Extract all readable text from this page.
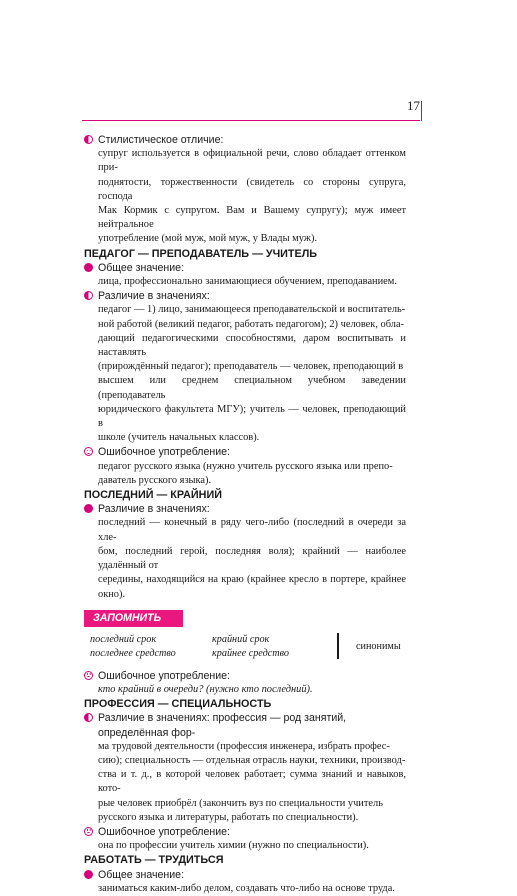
17

Стилистическое отличие:

супруг используется в официальной речи, слово обладает оттенком при-

поднятости, торжественности (свидетель со стороны супруга, господа

Мак Кормик с супругом. Вам и Вашему супругу); муж имеет нейтральное

употребление (мой муж, мой муж, у Влады муж).

ПЕДАГОГ — ПРЕПОДАВАТЕЛЬ — УЧИТЕЛЬ

Общее значение:

лица, профессионально занимающиеся обучением, преподаванием.

Различие в значениях:

педагог — 1) лицо, занимающееся преподавательской и воспитатель-

ной работой (великий педагог, работать педагогом); 2) человек, обла-

дающий педагогическими способностями, даром воспитывать и наставлять

(прирождённый педагог); преподаватель — человек, преподающий в

высшем или среднем специальном учебном заведении (преподаватель

юридического факультета МГУ); учитель — человек, преподающий в

школе (учитель начальных классов).

Ошибочное употребление:

педагог русского языка (нужно учитель русского языка или препо-

даватель русского языка).

ПОСЛЕДНИЙ — КРАЙНИЙ

Различие в значениях:

последний — конечный в ряду чего-либо (последний в очереди за хле-

бом, последний герой, последняя воля); крайний — наиболее удалённый от

середины, находящийся на краю (крайнее кресло в портере, крайнее окно).

ЗАПОМНИТЬ
последний срок
последнее средство
крайний срок
крайнее средство
синонимы

Ошибочное употребление:

кто крайний в очереди? (нужно кто последний).

ПРОФЕССИЯ — СПЕЦИАЛЬНОСТЬ

Различие в значениях: профессия — род занятий, определённая фор-

ма трудовой деятельности (профессия инженера, избрать профес-

сию); специальность — отдельная отрасль науки, техники, производ-

ства и т. д., в которой человек работает; сумма знаний и навыков, кото-

рые человек приобрёл (закончить вуз по специальности учитель

русского языка и литературы, работать по специальности).

Ошибочное употребление:

она по профессии учитель химии (нужно по специальности).

РАБОТАТЬ — ТРУДИТЬСЯ

Общее значение:

заниматься каким-либо делом, создавать что-либо на основе труда.
